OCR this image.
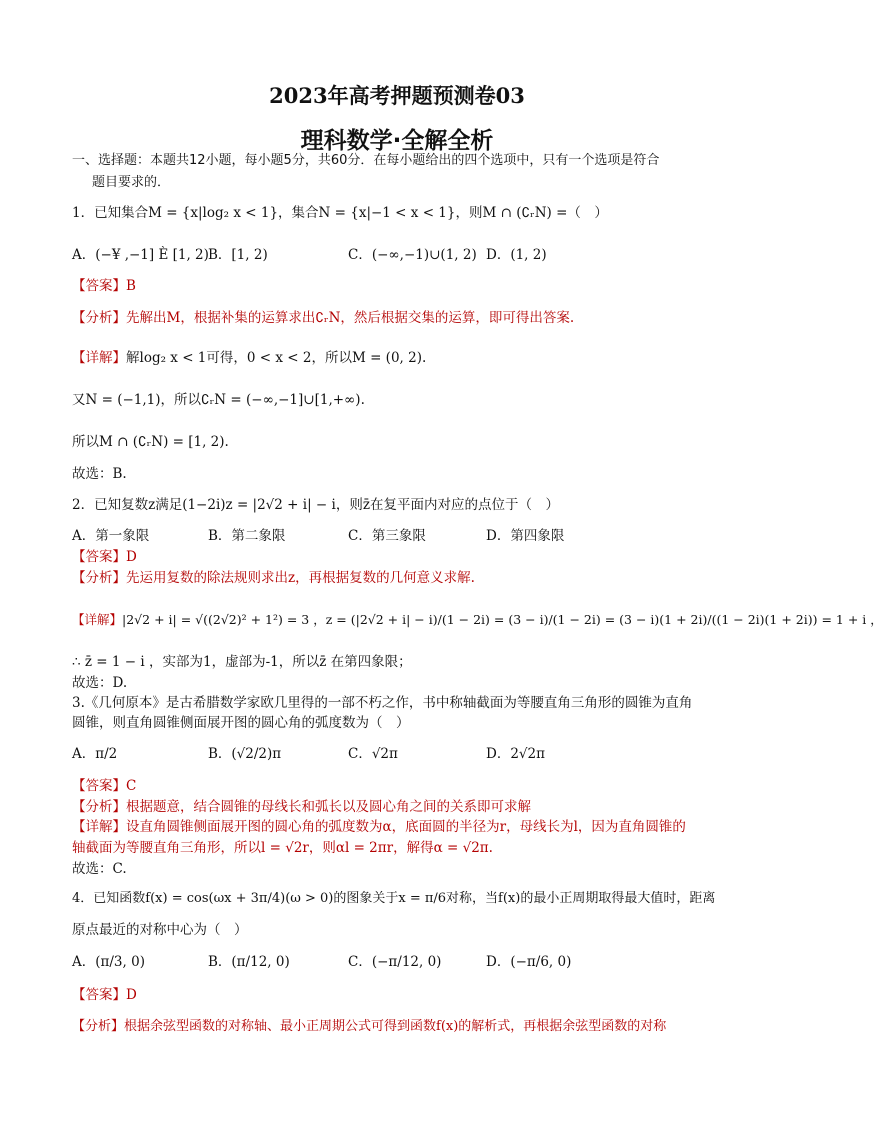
2023年高考押题预测卷03
理科数学·全解全析
一、选择题：本题共12小题，每小题5分，共60分．在每小题给出的四个选项中，只有一个选项是符合
题目要求的．
1．已知集合M = {x|log₂ x < 1}，集合N = {x|−1 < x < 1}，则M ∩ (∁ᵣN) =（　）
A．(−¥ ,−1] È [1, 2) B．[1, 2)	C．(−∞,−1)∪(1, 2) D．(1, 2)
【答案】B
【分析】先解出M，根据补集的运算求出∁ᵣN，然后根据交集的运算，即可得出答案.
【详解】解log₂ x < 1可得，0 < x < 2，所以M = (0, 2).
又N = (−1,1)，所以∁ᵣN = (−∞,−1]∪[1,+∞).
所以M ∩ (∁ᵣN) = [1, 2).
故选：B.
2．已知复数z满足(1−2i)z = |2√2 + i| − i，则z̄在复平面内对应的点位于（　）
A．第一象限	B．第二象限	C．第三象限	D．第四象限
【答案】D
【分析】先运用复数的除法规则求出z，再根据复数的几何意义求解.
【详解】|2√2 + i| = √((2√2)² + 1²) = 3 ，z = (|2√2 + i| − i)/(1 − 2i) = (3 − i)/(1 − 2i) = (3 − i)(1 + 2i)/((1 − 2i)(1 + 2i)) = 1 + i ，
∴ z̄ = 1 − i ，实部为1，虚部为-1，所以z̄ 在第四象限；
故选：D.
3.《几何原本》是古希腊数学家欧几里得的一部不朽之作，书中称轴截面为等腰直角三角形的圆锥为直角
圆锥，则直角圆锥侧面展开图的圆心角的弧度数为（　）
A．π/2	B．(√2/2)π	C．√2π	D．2√2π
【答案】C
【分析】根据题意，结合圆锥的母线长和弧长以及圆心角之间的关系即可求解
【详解】设直角圆锥侧面展开图的圆心角的弧度数为α，底面圆的半径为r，母线长为l，因为直角圆锥的
轴截面为等腰直角三角形，所以l = √2r，则αl = 2πr，解得α = √2π.
故选：C.
4．已知函数f(x) = cos(ωx + 3π/4)(ω > 0)的图象关于x = π/6对称，当f(x)的最小正周期取得最大值时，距离
原点最近的对称中心为（　）
A．(π/3, 0)	B．(π/12, 0)	C．(−π/12, 0)	D．(−π/6, 0)
【答案】D
【分析】根据余弦型函数的对称轴、最小正周期公式可得到函数f(x)的解析式，再根据余弦型函数的对称
